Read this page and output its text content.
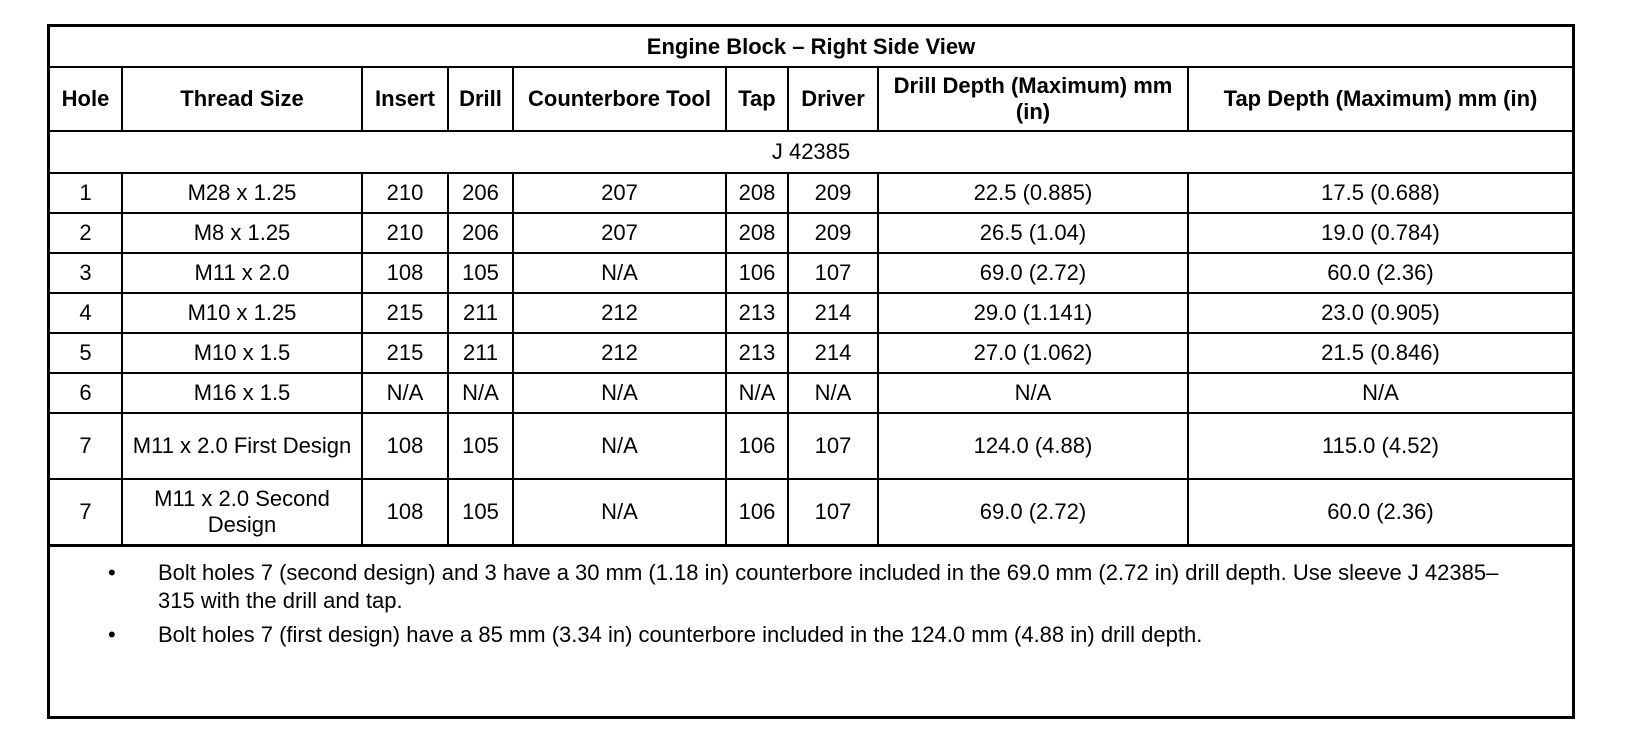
Engine Block – Right Side View								
Hole	Thread Size	Insert	Drill	Counterbore Tool	Tap	Driver	Drill Depth (Maximum) mm (in)	Tap Depth (Maximum) mm (in)
J 42385								
1	M28 x 1.25	210	206	207	208	209	22.5 (0.885)	17.5 (0.688)
2	M8 x 1.25	210	206	207	208	209	26.5 (1.04)	19.0 (0.784)
3	M11 x 2.0	108	105	N/A	106	107	69.0 (2.72)	60.0 (2.36)
4	M10 x 1.25	215	211	212	213	214	29.0 (1.141)	23.0 (0.905)
5	M10 x 1.5	215	211	212	213	214	27.0 (1.062)	21.5 (0.846)
6	M16 x 1.5	N/A	N/A	N/A	N/A	N/A	N/A	N/A
7	M11 x 2.0 First Design	108	105	N/A	106	107	124.0 (4.88)	115.0 (4.52)
7	M11 x 2.0 Second Design	108	105	N/A	106	107	69.0 (2.72)	60.0 (2.36)
• Bolt holes 7 (second design) and 3 have a 30 mm (1.18 in) counterbore included in the 69.0 mm (2.72 in) drill depth. Use sleeve J 42385–315 with the drill and tap.
• Bolt holes 7 (first design) have a 85 mm (3.34 in) counterbore included in the 124.0 mm (4.88 in) drill depth.
